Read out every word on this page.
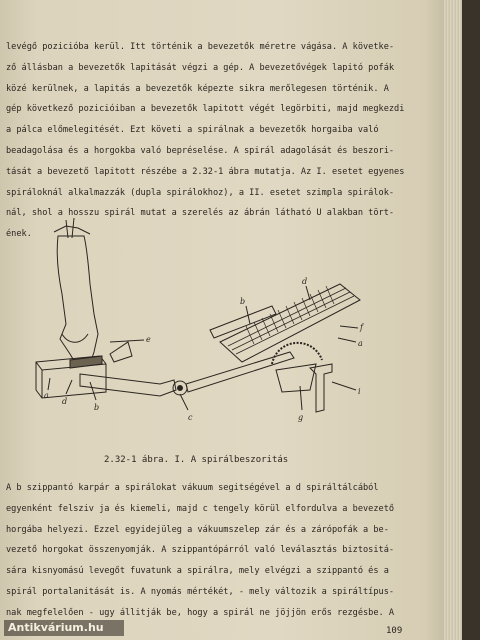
levégő pozicióba kerül. Itt történik a bevezetők méretre vágása. A követke-
ző állásban a bevezetők lapitását végzi a gép. A bevezetővégek lapitó pofák
közé kerülnek, a lapitás a bevezetők képezte sikra merőlegesen történik. A
gép következő pozicióiban a bevezetők lapitott végét legörbiti, majd megkezdi
a pálca előmelegitését. Ezt követi a spirálnak a bevezetők horgaiba való
beadagolása és a horgokba való bepréselése. A spirál adagolását és beszori-
tását a bevezető lapitott részébe a 2.32-1 ábra mutatja. Az I. esetet egyenes
spiráloknál alkalmazzák (dupla spirálokhoz), a II. esetet szimpla spirálok-
nál, shol a hosszu spirál mutat a szerelés az ábrán látható U alakban tört-
ének.
e
a
d
b
c
b
d
f
a
g
i
2.32-1 ábra. I. A spirálbeszoritás
A b szippantó karpár a spirálokat vákuum segitségével a d spiráltálcából
egyenként felsziv ja és kiemeli, majd c tengely körül elfordulva a bevezető
horgába helyezi. Ezzel egyidejüleg a vákuumszelep zár és a zárópofák a be-
vezető horgokat összenyomják. A szippantópárról való leválasztás biztositá-
sára kisnyomású levegőt fuvatunk a spirálra, mely elvégzi a szippantó és a
spirál portalanitását is. A nyomás mértékét, - mely változik a spiráltípus-
nak megfelelően - ugy állitják be, hogy a spirál ne jöjjön erős rezgésbe. A
109
Antikvárium.hu
